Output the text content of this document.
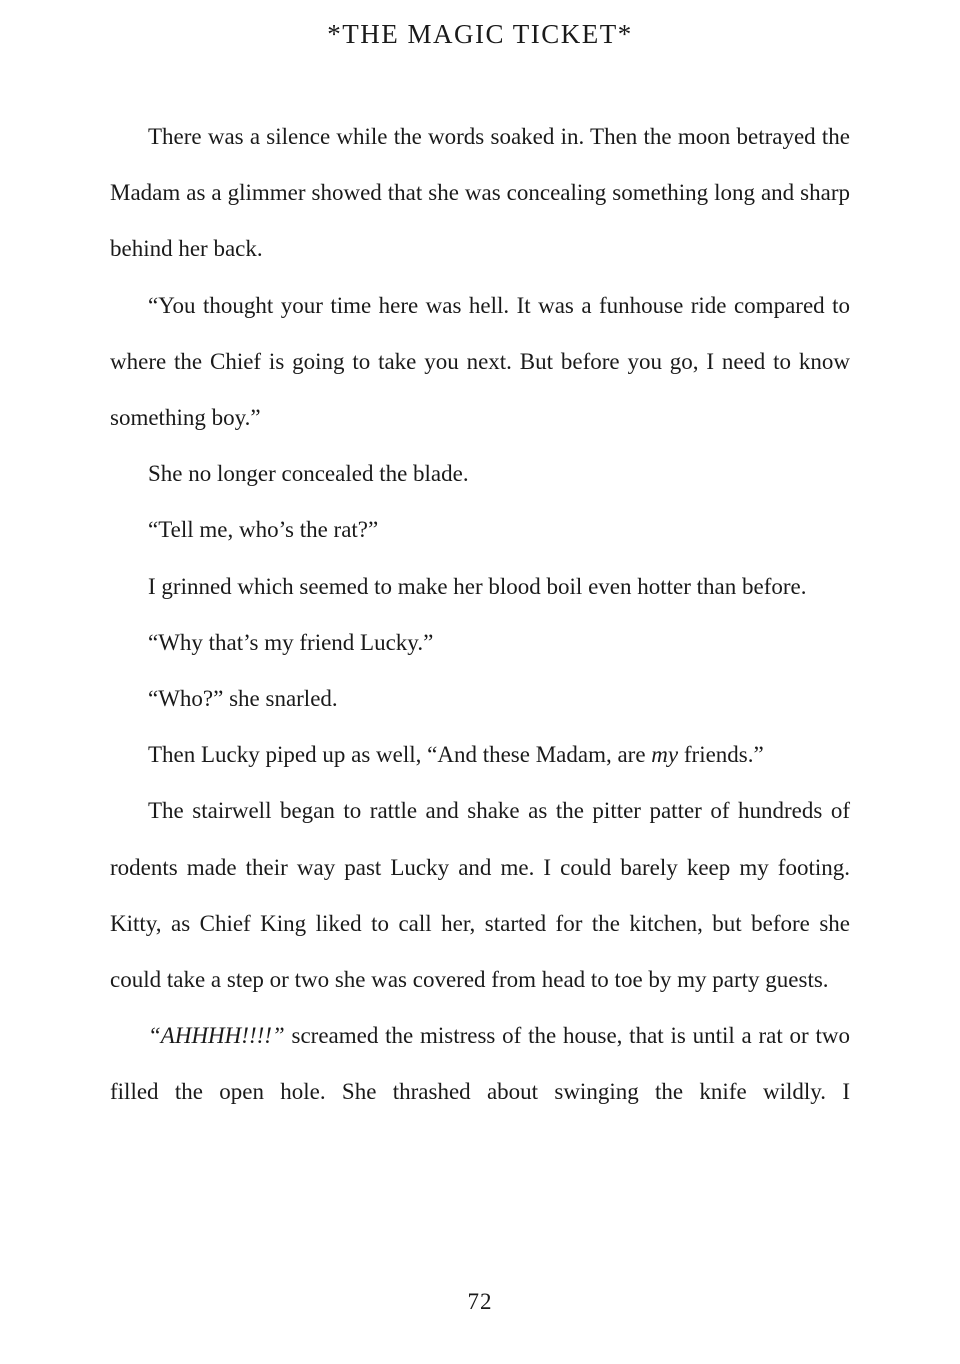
*THE MAGIC TICKET*

There was a silence while the words soaked in. Then the moon betrayed the Madam as a glimmer showed that she was concealing something long and sharp behind her back.

“You thought your time here was hell. It was a funhouse ride compared to where the Chief is going to take you next. But before you go, I need to know something boy.”

She no longer concealed the blade.

“Tell me, who’s the rat?”

I grinned which seemed to make her blood boil even hotter than before.

“Why that’s my friend Lucky.”

“Who?” she snarled.

Then Lucky piped up as well, “And these Madam, are my friends.”

The stairwell began to rattle and shake as the pitter patter of hundreds of rodents made their way past Lucky and me. I could barely keep my footing. Kitty, as Chief King liked to call her, started for the kitchen, but before she could take a step or two she was covered from head to toe by my party guests.

“AHHHH!!!!” screamed the mistress of the house, that is until a rat or two filled the open hole. She thrashed about swinging the knife wildly. I

72
